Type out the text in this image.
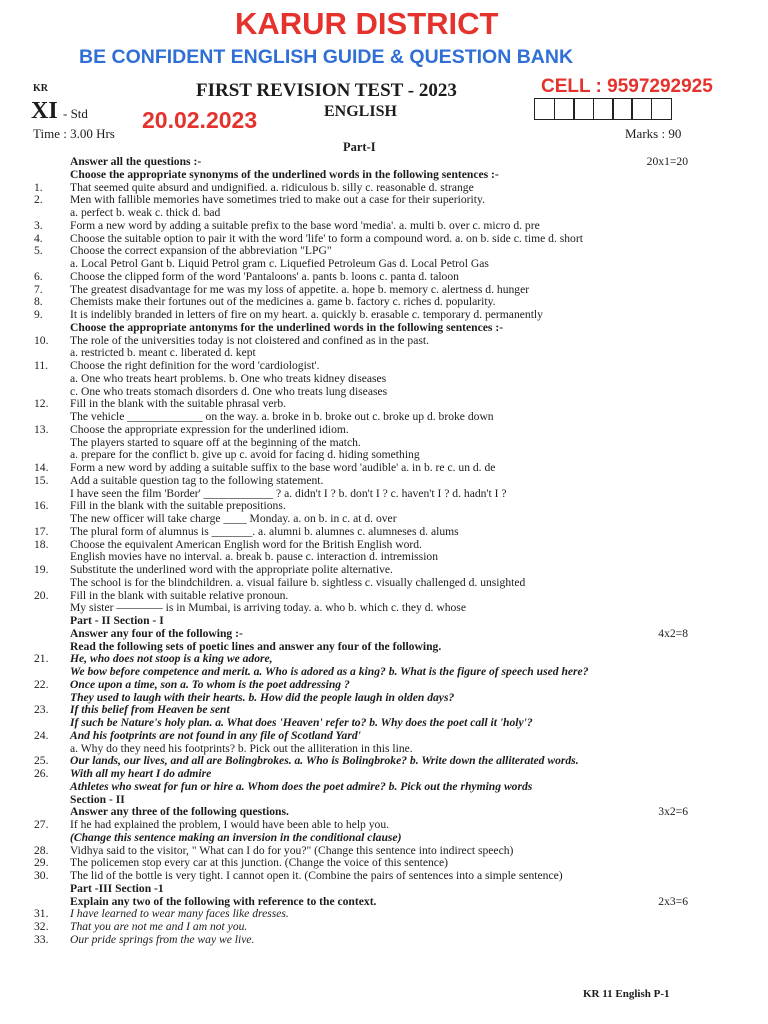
KARUR DISTRICT
BE CONFIDENT ENGLISH GUIDE & QUESTION BANK
CELL : 9597292925
KR	FIRST REVISION TEST - 2023
XI - Std 20.02.2023	ENGLISH
Time : 3.00 Hrs	Marks : 90
Part-I
Answer all the questions :-	20x1=20
Choose the appropriate synonyms of the underlined words in the following sentences :-
1. That seemed quite absurd and undignified. a. ridiculous b. silly c. reasonable d. strange
2. Men with fallible memories have sometimes tried to make out a case for their superiority.
a. perfect b. weak c. thick d. bad
3. Form a new word by adding a suitable prefix to the base word 'media'. a. multi b. over c. micro d. pre
4. Choose the suitable option to pair it with the word 'life' to form a compound word. a. on b. side c. time d. short
5. Choose the correct expansion of the abbreviation "LPG"
a. Local Petrol Gant b. Liquid Petrol gram c. Liquefied Petroleum Gas d. Local Petrol Gas
6. Choose the clipped form of the word 'Pantaloons' a. pants b. loons c. panta d. taloon
7. The greatest disadvantage for me was my loss of appetite. a. hope b. memory c. alertness d. hunger
8. Chemists make their fortunes out of the medicines a. game b. factory c. riches d. popularity.
9. It is indelibly branded in letters of fire on my heart. a. quickly b. erasable c. temporary d. permanently
Choose the appropriate antonyms for the underlined words in the following sentences :-
10. The role of the universities today is not cloistered and confined as in the past.
a. restricted b. meant c. liberated d. kept
11. Choose the right definition for the word 'cardiologist'.
a. One who treats heart problems. b. One who treats kidney diseases
c. One who treats stomach disorders d. One who treats lung diseases
12. Fill in the blank with the suitable phrasal verb.
The vehicle _____________ on the way. a. broke in b. broke out c. broke up d. broke down
13. Choose the appropriate expression for the underlined idiom.
The players started to square off at the beginning of the match.
a. prepare for the conflict b. give up c. avoid for facing d. hiding something
14. Form a new word by adding a suitable suffix to the base word 'audible' a. in b. re c. un d. de
15. Add a suitable question tag to the following statement.
I have seen the film 'Border' ____________ ? a. didn't I ? b. don't I ? c. haven't I ? d. hadn't I ?
16. Fill in the blank with the suitable prepositions.
The new officer will take charge ____ Monday. a. on b. in c. at d. over
17. The plural form of alumnus is _______. a. alumni b. alumnes c. alumneses d. alums
18. Choose the equivalent American English word for the British English word.
English movies have no interval. a. break b. pause c. interaction d. intremission
19. Substitute the underlined word with the appropriate polite alternative.
The school is for the blindchildren. a. visual failure b. sightless c. visually challenged d. unsighted
20. Fill in the blank with suitable relative pronoun.
My sister ———— is in Mumbai, is arriving today. a. who b. which c. they d. whose
Part - II Section - I
Answer any four of the following :-	4x2=8
Read the following sets of poetic lines and answer any four of the following.
21. He, who does not stoop is a king we adore,
We bow before competence and merit. a. Who is adored as a king? b. What is the figure of speech used here?
22. Once upon a time, son a. To whom is the poet addressing ?
They used to laugh with their hearts. b. How did the people laugh in olden days?
23. If this belief from Heaven be sent
If such be Nature's holy plan. a. What does 'Heaven' refer to? b. Why does the poet call it 'holy'?
24. And his footprints are not found in any file of Scotland Yard'
a. Why do they need his footprints? b. Pick out the alliteration in this line.
25. Our lands, our lives, and all are Bolingbrokes. a. Who is Bolingbroke? b. Write down the alliterated words.
26. With all my heart I do admire
Athletes who sweat for fun or hire a. Whom does the poet admire? b. Pick out the rhyming words
Section - II
Answer any three of the following questions.	3x2=6
27. If he had explained the problem, I would have been able to help you.
(Change this sentence making an inversion in the conditional clause)
28. Vidhya said to the visitor, " What can I do for you?" (Change this sentence into indirect speech)
29. The policemen stop every car at this junction. (Change the voice of this sentence)
30. The lid of the bottle is very tight. I cannot open it. (Combine the pairs of sentences into a simple sentence)
Part -III Section -1
Explain any two of the following with reference to the context.	2x3=6
31. I have learned to wear many faces like dresses.
32. That you are not me and I am not you.
33. Our pride springs from the way we live.
KR 11 English P-1
